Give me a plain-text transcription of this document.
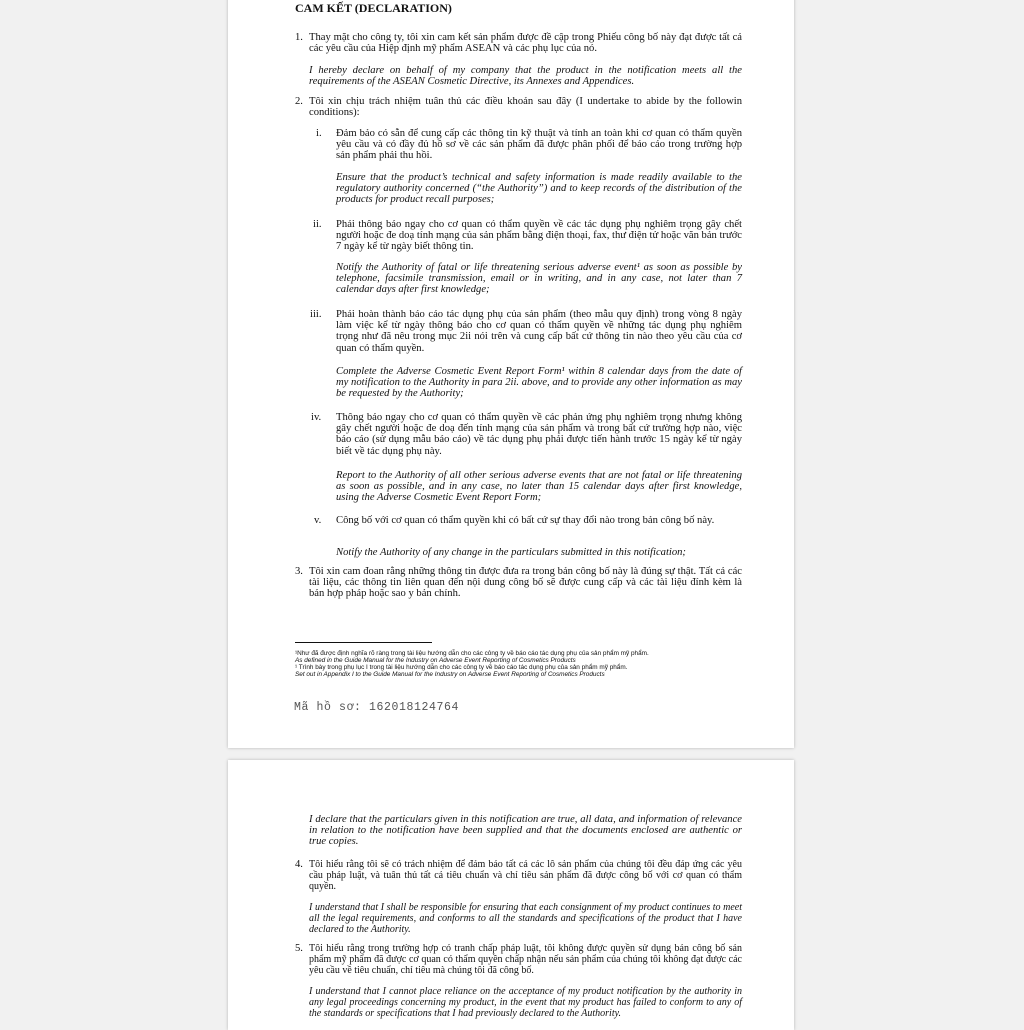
CAM KẾT (DECLARATION)
1. Thay mặt cho công ty, tôi xin cam kết sản phẩm được đề cập trong Phiếu công bố này đạt được tất cả các yêu cầu của Hiệp định mỹ phẩm ASEAN và các phụ lục của nó.
I hereby declare on behalf of my company that the product in the notification meets all the requirements of the ASEAN Cosmetic Directive, its Annexes and Appendices.
2. Tôi xin chịu trách nhiệm tuân thủ các điều khoản sau đây (I undertake to abide by the followin conditions):
i. Đảm bảo có sẵn để cung cấp các thông tin kỹ thuật và tính an toàn khi cơ quan có thẩm quyền yêu cầu và có đầy đủ hồ sơ về các sản phẩm đã được phân phối để báo cáo trong trường hợp sản phẩm phải thu hồi.
Ensure that the product’s technical and safety information is made readily available to the regulatory authority concerned (“the Authority”) and to keep records of the distribution of the products for product recall purposes;
ii. Phải thông báo ngay cho cơ quan có thẩm quyền về các tác dụng phụ nghiêm trọng gây chết người hoặc đe doạ tính mạng của sản phẩm bằng điện thoại, fax, thư điện tử hoặc văn bản trước 7 ngày kể từ ngày biết thông tin.
Notify the Authority of fatal or life threatening serious adverse event¹ as soon as possible by telephone, facsimile transmission, email or in writing, and in any case, not later than 7 calendar days after first knowledge;
iii. Phải hoàn thành báo cáo tác dụng phụ của sản phẩm (theo mẫu quy định) trong vòng 8 ngày làm việc kể từ ngày thông báo cho cơ quan có thẩm quyền về những tác dụng phụ nghiêm trọng như đã nêu trong mục 2ii nói trên và cung cấp bất cứ thông tin nào theo yêu cầu của cơ quan có thẩm quyền.
Complete the Adverse Cosmetic Event Report Form¹ within 8 calendar days from the date of my notification to the Authority in para 2ii. above, and to provide any other information as may be requested by the Authority;
iv. Thông báo ngay cho cơ quan có thẩm quyền về các phản ứng phụ nghiêm trọng nhưng không gây chết người hoặc đe doạ đến tính mạng của sản phẩm và trong bất cứ trường hợp nào, việc báo cáo (sử dụng mẫu báo cáo) về tác dụng phụ phải được tiến hành trước 15 ngày kể từ ngày biết về tác dụng phụ này.
Report to the Authority of all other serious adverse events that are not fatal or life threatening as soon as possible, and in any case, no later than 15 calendar days after first knowledge, using the Adverse Cosmetic Event Report Form;
v. Công bố với cơ quan có thẩm quyền khi có bất cứ sự thay đổi nào trong bản công bố này.
Notify the Authority of any change in the particulars submitted in this notification;
3. Tôi xin cam đoan rằng những thông tin được đưa ra trong bản công bố này là đúng sự thật. Tất cả các tài liệu, các thông tin liên quan đến nội dung công bố sẽ được cung cấp và các tài liệu đính kèm là bản hợp pháp hoặc sao y bản chính.
¹Như đã được định nghĩa rõ ràng trong tài liệu hướng dẫn cho các công ty về báo cáo tác dụng phụ của sản phẩm mỹ phẩm.
As defined in the Guide Manual for the Industry on Adverse Event Reporting of Cosmetics Products
¹ Trình bày trong phụ lục I trong tài liệu hướng dẫn cho các công ty về báo cáo tác dụng phụ của sản phẩm mỹ phẩm.
Set out in Appendix I to the Guide Manual for the Industry on Adverse Event Reporting of Cosmetics Products
Mã hồ sơ: 162018124764
I declare that the particulars given in this notification are true, all data, and information of relevance in relation to the notification have been supplied and that the documents enclosed are authentic or true copies.
4. Tôi hiểu rằng tôi sẽ có trách nhiệm để đảm bảo tất cả các lô sản phẩm của chúng tôi đều đáp ứng các yêu cầu pháp luật, và tuân thủ tất cả tiêu chuẩn và chỉ tiêu sản phẩm đã được công bố với cơ quan có thẩm quyền.
I understand that I shall be responsible for ensuring that each consignment of my product continues to meet all the legal requirements, and conforms to all the standards and specifications of the product that I have declared to the Authority.
5. Tôi hiểu rằng trong trường hợp có tranh chấp pháp luật, tôi không được quyền sử dụng bản công bố sản phẩm mỹ phẩm đã được cơ quan có thẩm quyền chấp nhận nếu sản phẩm của chúng tôi không đạt được các yêu cầu về tiêu chuẩn, chỉ tiêu mà chúng tôi đã công bố.
I understand that I cannot place reliance on the acceptance of my product notification by the authority in any legal proceedings concerning my product, in the event that my product has failed to conform to any of the standards or specifications that I had previously declared to the Authority.
